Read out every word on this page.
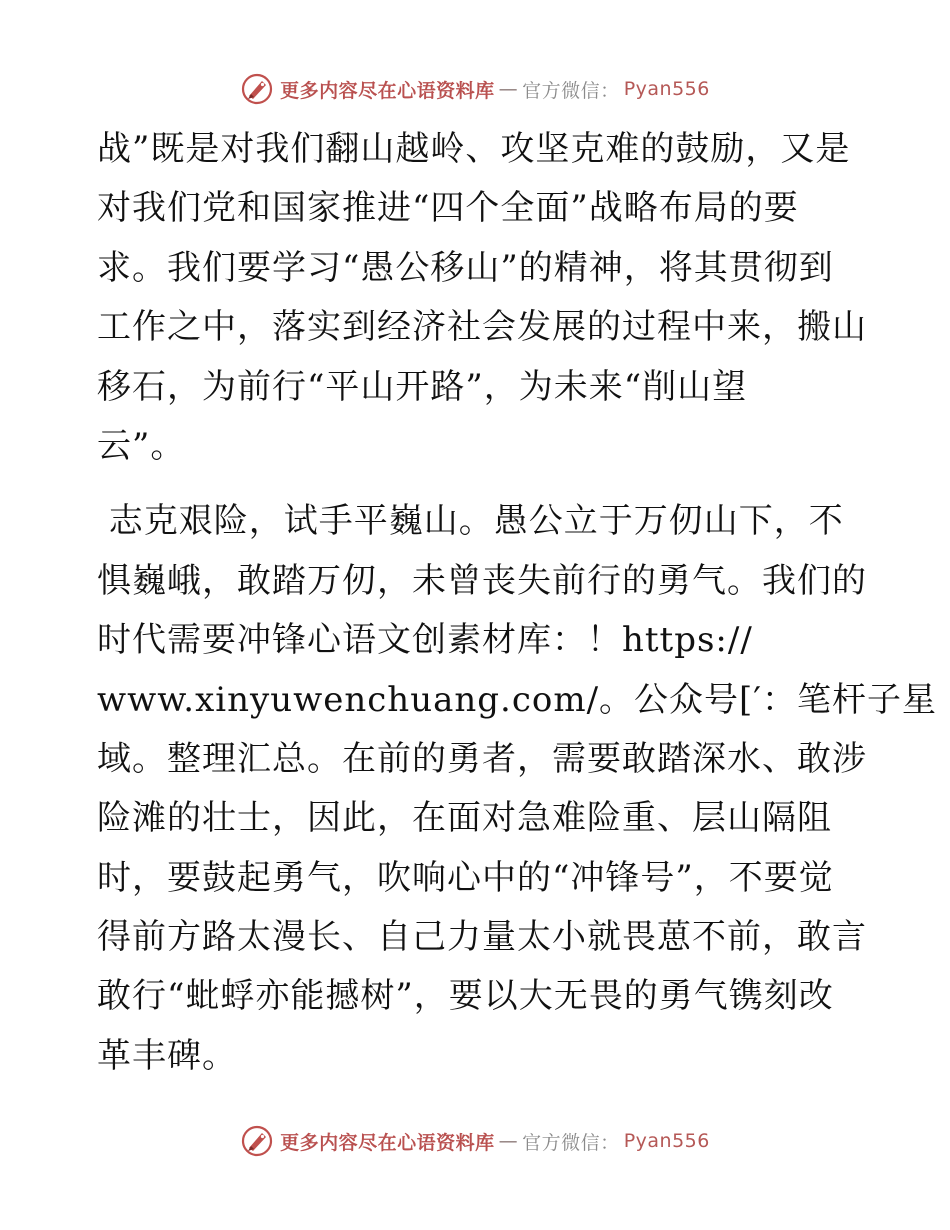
更多内容尽在心语资料库 — 官方微信： Pyan556
战”既是对我们翻山越岭、攻坚克难的鼓励，又是
对我们党和国家推进“四个全面”战略布局的要
求。我们要学习“愚公移山”的精神，将其贯彻到
工作之中，落实到经济社会发展的过程中来，搬山
移石，为前行“平山开路”，为未来“削山望
云”。
志克艰险，试手平巍山。愚公立于万仞山下，不
惧巍峨，敢踏万仞，未曾丧失前行的勇气。我们的
时代需要冲锋心语文创素材库：！https://
www.xinyuwenchuang.com/。公众号[′：笔杆子星
域。整理汇总。在前的勇者，需要敢踏深水、敢涉
险滩的壮士，因此，在面对急难险重、层山隔阻
时，要鼓起勇气，吹响心中的“冲锋号”，不要觉
得前方路太漫长、自己力量太小就畏葸不前，敢言
敢行“蚍蜉亦能撼树”，要以大无畏的勇气镌刻改
革丰碑。
更多内容尽在心语资料库 — 官方微信： Pyan556
